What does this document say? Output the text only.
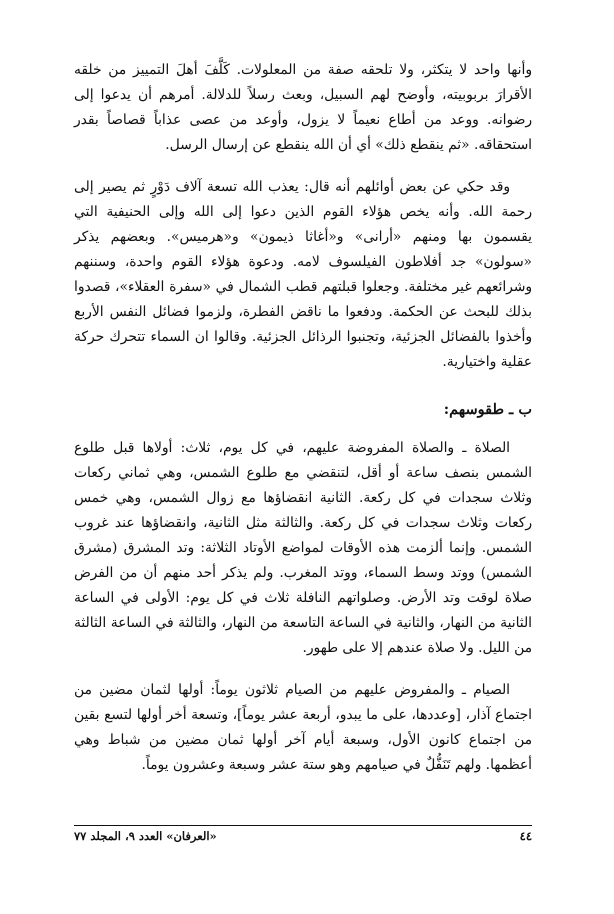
وأنها واحد لا يتكثر، ولا تلحقه صفة من المعلولات. كَلَّفَ أهلَ التمييز من خلقه الأقرارَ بربوبيته، وأوضح لهم السبيل، وبعث رسلاً للدلالة. أمرهم أن يدعوا إلى رضوانه. ووعد من أطاع نعيماً لا يزول، وأوعد من عصى عذاباً قصاصاً بقدر استحقاقه. «ثم ينقطع ذلك» أي أن الله ينقطع عن إرسال الرسل.

وقد حكي عن بعض أوائلهم أنه قال: يعذب الله تسعة آلاف دَوْرٍ ثم يصير إلى رحمة الله. وأنه يخص هؤلاء القوم الذين دعوا إلى الله وإلى الحنيفية التي يقسمون بها ومنهم «أرانى» و«أغاثا ذيمون» و«هرميس». وبعضهم يذكر «سولون» جد أفلاطون الفيلسوف لامه. ودعوة هؤلاء القوم واحدة، وسننهم وشرائعهم غير مختلفة. وجعلوا قبلتهم قطب الشمال في «سفرة العقلاء»، قصدوا بذلك للبحث عن الحكمة. ودفعوا ما ناقض الفطرة، ولزموا فضائل النفس الأربع وأخذوا بالفضائل الجزئية، وتجنبوا الرذائل الجزئية. وقالوا ان السماء تتحرك حركة عقلية واختيارية.

ب ـ طقوسهم:

الصلاة ـ والصلاة المفروضة عليهم، في كل يوم، ثلاث: أولاها قبل طلوع الشمس بنصف ساعة أو أقل، لتنقضي مع طلوع الشمس، وهي ثماني ركعات وثلاث سجدات في كل ركعة. الثانية انقضاؤها مع زوال الشمس، وهي خمس ركعات وثلاث سجدات في كل ركعة. والثالثة مثل الثانية، وانقضاؤها عند غروب الشمس. وإنما ألزمت هذه الأوقات لمواضع الأوتاد الثلاثة: وتد المشرق (مشرق الشمس) ووتد وسط السماء، ووتد المغرب. ولم يذكر أحد منهم أن من الفرض صلاة لوقت وتد الأرض. وصلواتهم النافلة ثلاث في كل يوم: الأولى في الساعة الثانية من النهار، والثانية في الساعة التاسعة من النهار، والثالثة في الساعة الثالثة من الليل. ولا صلاة عندهم إلا على طهور.

الصيام ـ والمفروض عليهم من الصيام ثلاثون يوماً: أولها لثمان مضين من اجتماع آذار، [وعددها، على ما يبدو، أربعة عشر يوماً]، وتسعة أخر أولها لتسع بقين من اجتماع كانون الأول، وسبعة أيام آخر أولها ثمان مضين من شباط وهي أعظمها. ولهم تَنَفُّلٌ في صيامهم وهو ستة عشر وسبعة وعشرون يوماً.

٤٤
«العرفان» العدد ٩، المجلد ٧٧
